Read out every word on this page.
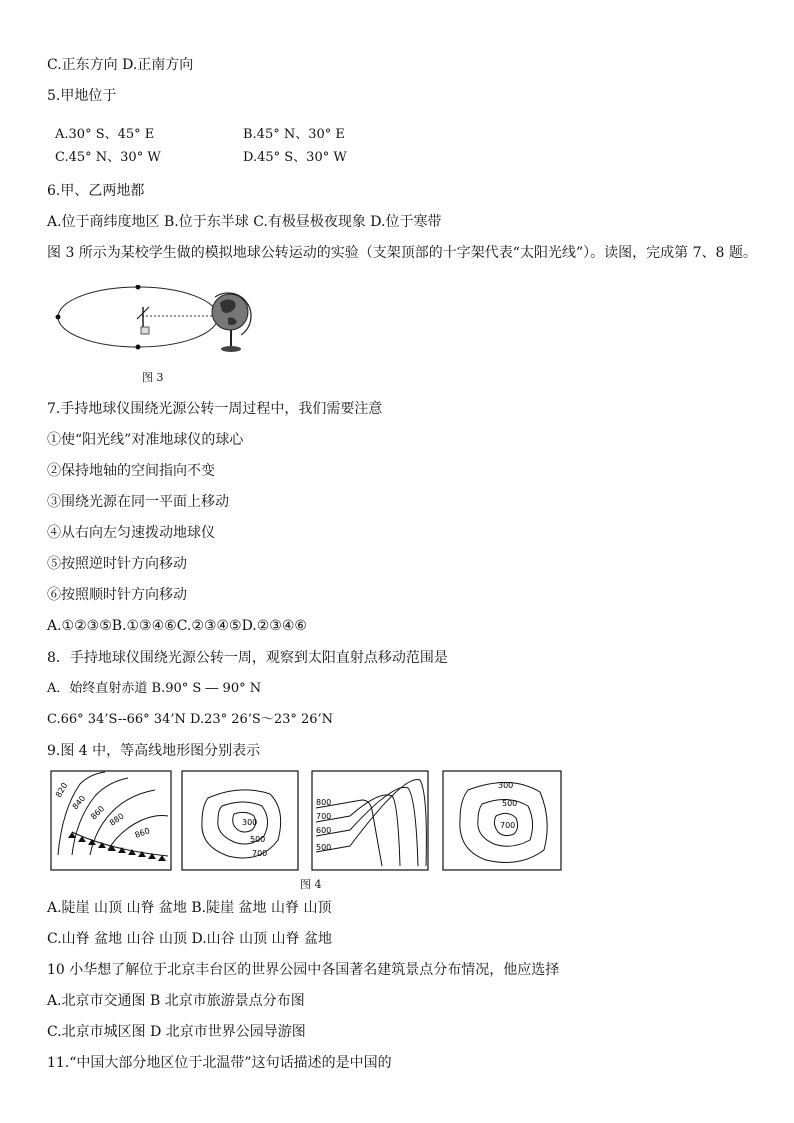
C.正东方向 D.正南方向
5.甲地位于
A.30° S、45° E	B.45° N、30° E
C.45° N、30° W	D.45° S、30° W
6.甲、乙两地都
A.位于商纬度地区 B.位于东半球 C.有极昼极夜现象 D.位于寒带
图 3 所示为某校学生做的模拟地球公转运动的实验（支架顶部的十字架代表“太阳光线”）。读图，完成第 7、8 题。
图 3
7.手持地球仪围绕光源公转一周过程中，我们需要注意
①使“阳光线”对准地球仪的球心
②保持地轴的空间指向不变
③围绕光源在同一平面上移动
④从右向左匀速拨动地球仪
⑤按照逆时针方向移动
⑥按照顺时针方向移动
A.①②③⑤B.①③④⑥C.②③④⑤D.②③④⑥
8．手持地球仪围绕光源公转一周，观察到太阳直射点移动范围是
A．始终直射赤道 B.90° S ― 90° N
C.66° 34’S--66° 34’N D.23° 26’S～23° 26’N
9.图 4 中，等高线地形图分别表示
820
840
860 880
860
300
500
700
800
700
600
500
300
500
700
图 4
A.陡崖 山顶 山脊 盆地 B.陡崖 盆地 山脊 山顶
C.山脊 盆地 山谷 山顶 D.山谷 山顶 山脊 盆地
10 小华想了解位于北京丰台区的世界公园中各国著名建筑景点分布情况，他应选择
A.北京市交通图 B 北京市旅游景点分布图
C.北京市城区图 D 北京市世界公园导游图
11.“中国大部分地区位于北温带”这句话描述的是中国的
